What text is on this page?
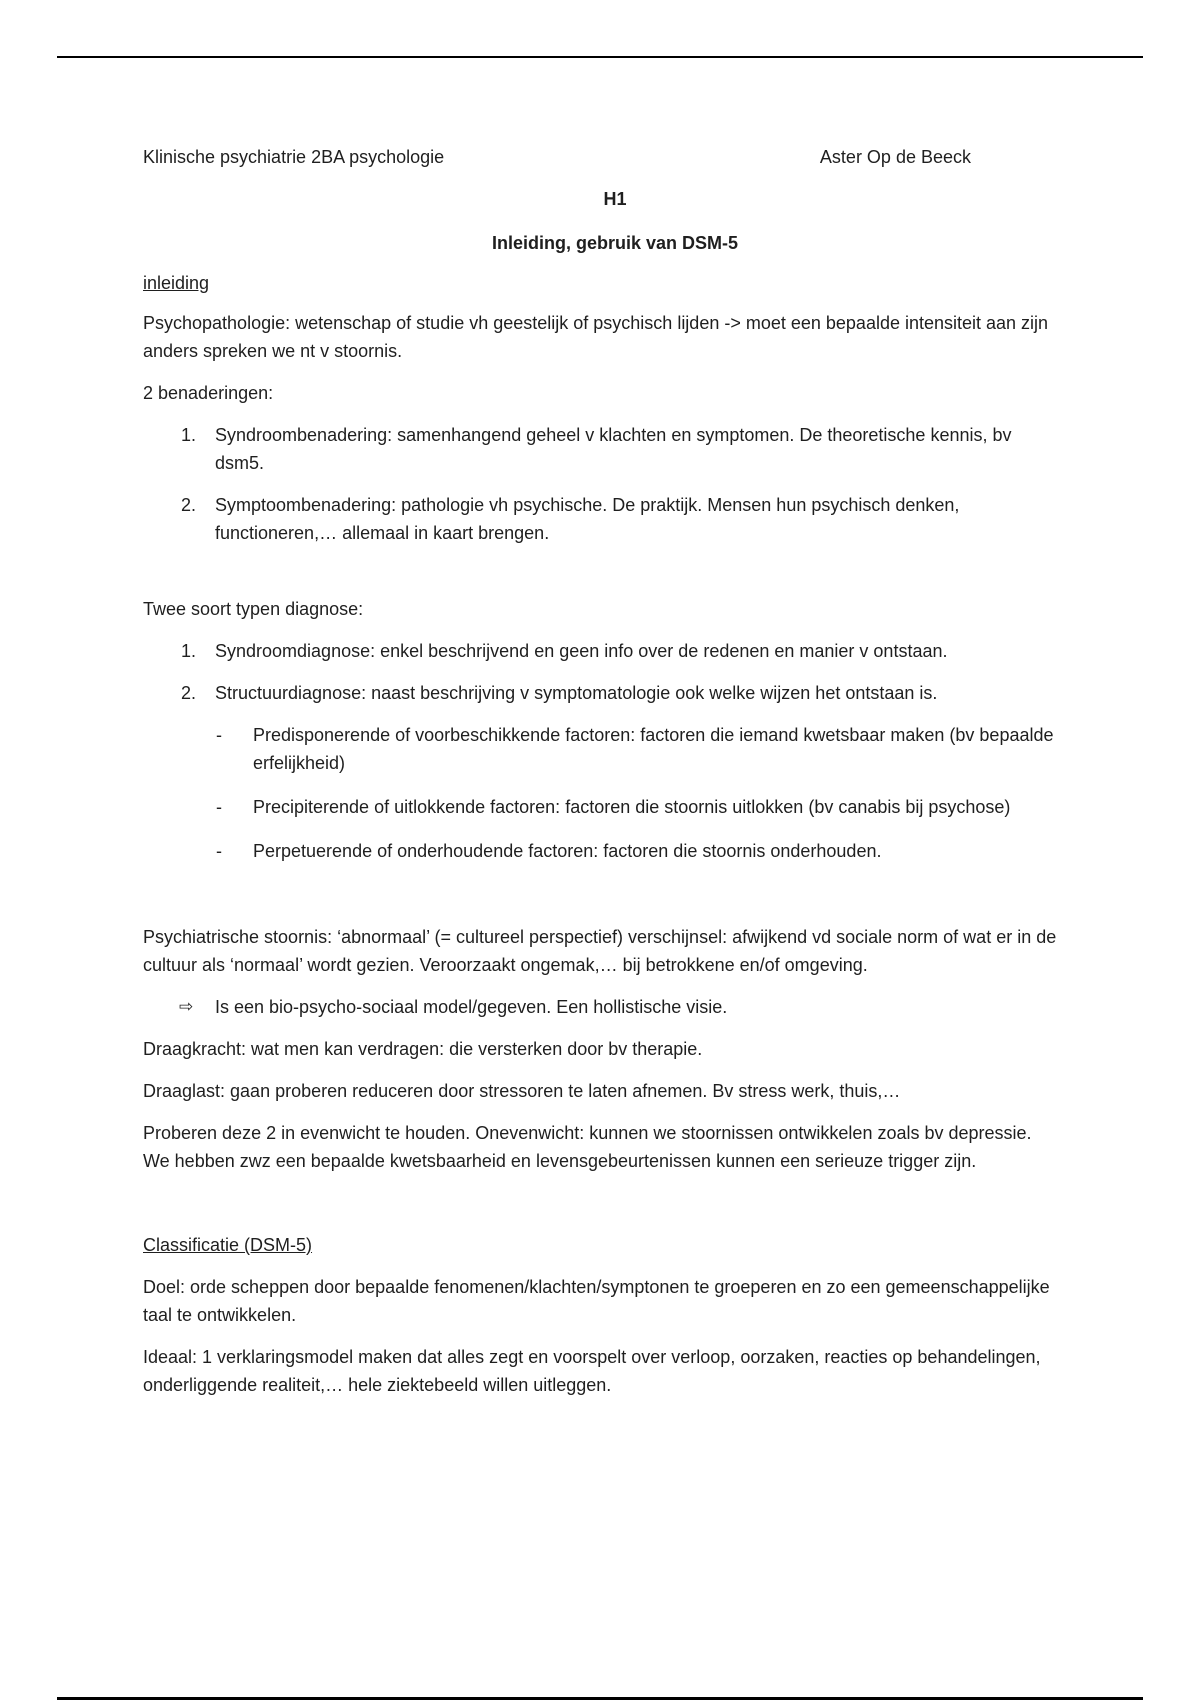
Klinische psychiatrie 2BA psychologie	Aster Op de Beeck
H1
Inleiding, gebruik van DSM-5
inleiding

Psychopathologie: wetenschap of studie vh geestelijk of psychisch lijden -> moet een bepaalde intensiteit aan zijn anders spreken we nt v stoornis.

2 benaderingen:

1. Syndroombenadering: samenhangend geheel v klachten en symptomen. De theoretische kennis, bv dsm5.
2. Symptoombenadering: pathologie vh psychische. De praktijk. Mensen hun psychisch denken, functioneren,… allemaal in kaart brengen.

Twee soort typen diagnose:

1. Syndroomdiagnose: enkel beschrijvend en geen info over de redenen en manier v ontstaan.
2. Structuurdiagnose: naast beschrijving v symptomatologie ook welke wijzen het ontstaan is.
- Predisponerende of voorbeschikkende factoren: factoren die iemand kwetsbaar maken (bv bepaalde erfelijkheid)
- Precipiterende of uitlokkende factoren: factoren die stoornis uitlokken (bv canabis bij psychose)
- Perpetuerende of onderhoudende factoren: factoren die stoornis onderhouden.

Psychiatrische stoornis: ‘abnormaal’ (= cultureel perspectief) verschijnsel: afwijkend vd sociale norm of wat er in de cultuur als ‘normaal’ wordt gezien. Veroorzaakt ongemak,… bij betrokkene en/of omgeving.

⇨ Is een bio-psycho-sociaal model/gegeven. Een hollistische visie.

Draagkracht: wat men kan verdragen: die versterken door bv therapie.

Draaglast: gaan proberen reduceren door stressoren te laten afnemen. Bv stress werk, thuis,…

Proberen deze 2 in evenwicht te houden. Onevenwicht: kunnen we stoornissen ontwikkelen zoals bv depressie. We hebben zwz een bepaalde kwetsbaarheid en levensgebeurtenissen kunnen een serieuze trigger zijn.

Classificatie (DSM-5)

Doel: orde scheppen door bepaalde fenomenen/klachten/symptonen te groeperen en zo een gemeenschappelijke taal te ontwikkelen.

Ideaal: 1 verklaringsmodel maken dat alles zegt en voorspelt over verloop, oorzaken, reacties op behandelingen, onderliggende realiteit,… hele ziektebeeld willen uitleggen.
